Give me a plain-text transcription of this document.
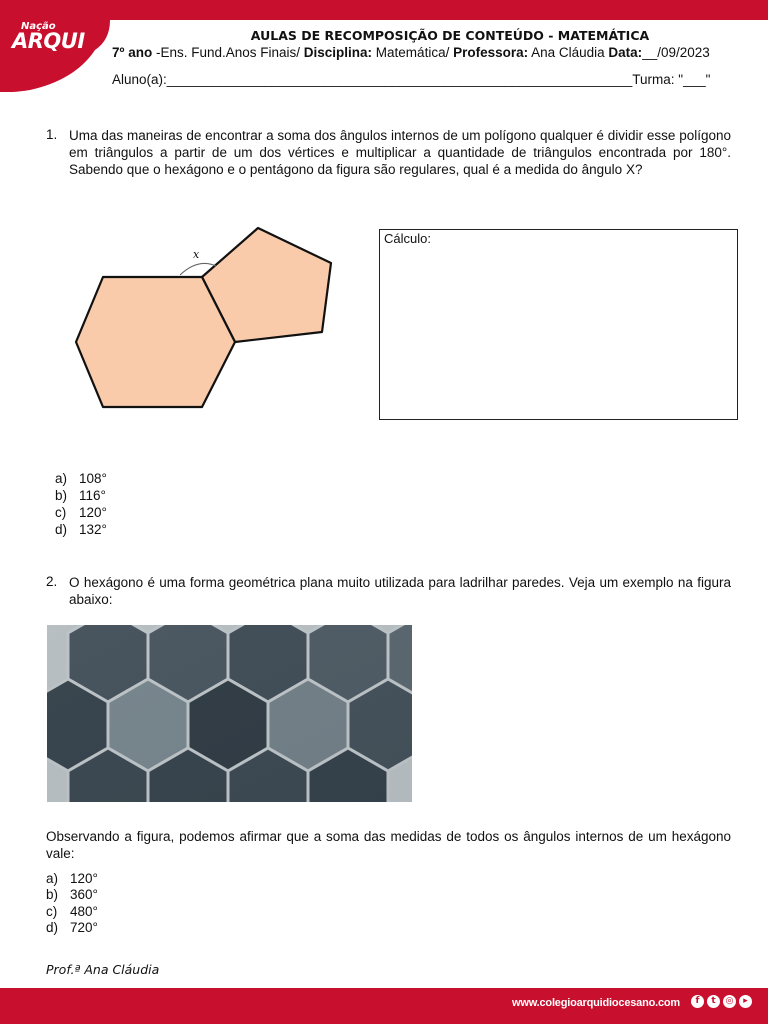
Nação
ARQUI	AULAS DE RECOMPOSIÇÃO DE CONTEÚDO - MATEMÁTICA
7º ano -Ens. Fund.Anos Finais/ Disciplina: Matemática/ Professora: Ana Cláudia Data:__/09/2023
Aluno(a):______________________________________________________________Turma: "___"
1. Uma das maneiras de encontrar a soma dos ângulos internos de um polígono qualquer é dividir esse polígono em triângulos a partir de um dos vértices e multiplicar a quantidade de triângulos encontrada por 180°. Sabendo que o hexágono e o pentágono da figura são regulares, qual é a medida do ângulo X?
x
Cálculo:
a) 108°
b) 116°
c) 120°
d) 132°
2. O hexágono é uma forma geométrica plana muito utilizada para ladrilhar paredes. Veja um exemplo na figura abaixo:
Observando a figura, podemos afirmar que a soma das medidas de todos os ângulos internos de um hexágono vale:
a) 120°
b) 360°
c) 480°
d) 720°
Prof.ª Ana Cláudia
www.colegioarquidiocesano.com	f	t	◎	▸
